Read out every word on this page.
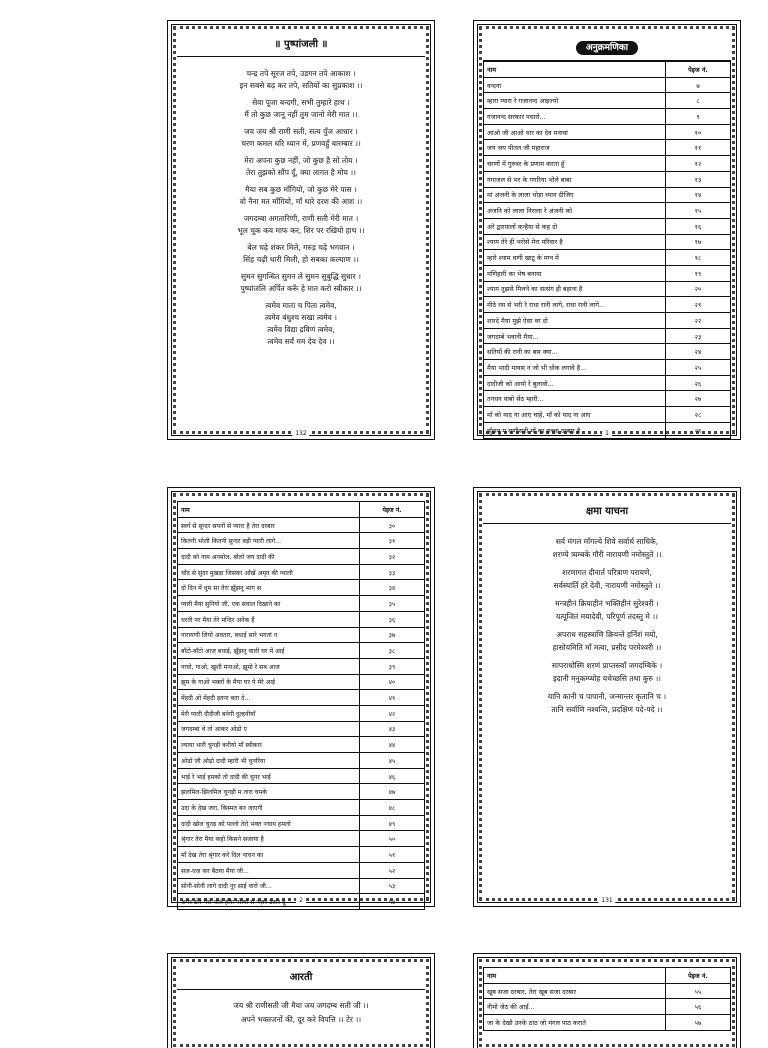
॥ पुष्पांजली ॥
चन्द्र तपे सूरज तपे, उडगन तपे आकाश ।
इन सबसे बढ़ कर तपे, सतियों का सुप्रकाश ।।
सेवा पूजा बन्दगी, सभी तुम्हारे हाथ ।
मैं तो कुछ जानू नहीं तुम जानो मेरी मात ।।
जय जय श्री राणी सती, सत्य पुँज आधार ।
चरण कमल धरि ध्यान में, प्रणवहुँ बारम्बार ।।
मेरा अपना कुछ नहीं, जो कुछ है सो तोय ।
तेरा तुझको सौंप दूँ, क्या लागत है मोय ।।
मैया सब कुछ माँगियो, जो कुछ मेरे पास ।
वो नैना मत माँगियो, माँ थारे दरश की आश ।।
जगदम्बा अगतारिणी, राणी सती मेरी मात ।
भूल चूक कव माफ कर, शिर पर रखियो हाथ ।।
बेल चढ़े शंकर मिले, गरुड़ चढ़े भगवान ।
सिंह चढ़ी थारी मिली, हो सबका कल्याण ।।
सुमन सुगन्धित सुमन ले सुमन सुबुद्धि सुधार ।
पुष्पांजलि अर्पित करूँ हे मात करो स्वीकार ।।
त्वमेव माता च पिता त्वमेव,
त्वमेव बंधुश्च सखा त्वमेव ।
त्वमेव विद्या द्रविणं त्वमेव,
त्वमेव सर्वं मम देव देव ।।
132
अनुक्रमणिका
नाम	पेइज नं.
वन्दना	७
म्हारा प्यारा रे गजानन्द आइज्यो	८
गजानन्द सरकार पधारो...	९
आओ जी आओ थार का देव मनावां	१०
जय जय पीतल जी महाराज	११
चरणों में गुरुवर के प्रणाम करता हूँ	१२
गंगाजल से भर के गगरिया भोले बाबा	१३
मां अंजनी के लाला थोड़ा ध्यान दीजिए	१४
अंजनि को लाला निराला रे अंजनी को	१५
अरे द्वारपालों कन्हैया से कह दो	१६
श्याम तेरे ही भरोसे मेरा परिवार है	१७
म्हारे श्याम धणी खाटू के मग्न में	१८
मणिहारी का भेष बनाया	१९
श्याम तुझसे मिलने का सत्संग ही बहाना है	२०
मीठे रस से भरी रे राधा रानी लागे, राधा रानी लागे...	२१
शारदे मैया मुझे ऐसा वर दो	२२
जगदम्बे भवानी मैया...	२३
सतियों की रानी का बस क्या...	२४
मैया भादी मावस न जो भी धोक लगावे है...	२५
दादीजी को आयो रे बुलावो...	२६
तनधन वाबो सेठ म्हारी...	२७
माँ को याद ना आए चाहे, माँ को याद ना आए	२८
झुँझनू म राणीसती माँ का सच्चा दरबार है	२९
1
नाम	पेइज नं.
स्वर्ग से सुन्दर सपनों से प्यारा है तेरा दरबार	३०
कितनी भोली कितनी सुन्दर बड़ी प्यारी लागे...	३१
दादी को नाम अनमोल, बोलो जय दादी की	३२
चाँद से सुंदर मुखड़ा जिसका आँखें अमृत की प्याली	३३
दो दिन में धुम सा तेरा झूँझनू भाग स	३४
प्यारी मैया सुनियो जी, एक सवाल दिखाने का	३५
धरती पर मैया तेरे मन्दिर अनेक हैं	३६
नारायणी लियो अवतार, बधाई सारे भगतां न	३७
बाँटो-बाँटो आज बधाई, झूँझनू वाली घर में आई	३८
नाचो, गाओ, खुशी मनाओ, झूमो रे सब आज	३९
झुम के गाओ भक्तों के मैया घर पे मेरे आई	४०
मेंहदी ओ मेंहदी इतना बता दे...	४१
मेरी प्यारी दीदीजी बनेगी दुल्हनीयाँ	४२
जगदम्बा थे तो आकर ओढो ए	४३
ल्याया थारी चुनड़ी करीयो माँ स्वीकार	४४
ओढो जी ओढो दादी म्हारी भी चुनरिया	४५
भाई रे भाई हमको तो दादी की चुनर भाई	४६
झलमिल-झिलमिल चुनड़ी म तारा चमके	४७
उदा के देख जरा, किस्मत बन जाएगी	४८
दादी खोल चुनड़ को पल्लो तेरो भक्त नचाय हमलो	४९
श्रृंगार तेरा मैया कहो किसने सजाया है	५०
माँ देख तेरा श्रृंगार करे दिल नाचन का	५१
सज-धज कर बैठया मैया जी...	५२
सोनी-सोनी लागे दादी नूर साई वारो जी...	५३
अगर ठोर मेरो थाले हीरा मोत्यां स नज़र उतार दूं	५४
2
क्षमा याचना
सर्व मंगल माँगल्ये शिवे सर्वार्थ साधिके,
शरण्ये त्र्यम्बके गौरी नारायणी नमोस्तुते ।।
शरणागत दीनार्त परित्राण परायणे,
सर्वस्यार्ति हरे देवी, नारायणी नमोस्तुते ।।
मन्त्रहीनं क्रियाहीनं भक्तिहीनं सुरेश्वरी ।
यत्पूजितं मयादेवी, परिपूर्ण तदस्तु मे ।।
अपराध सहस्त्राणि क्रियन्ते हर्निशं मयो,
हासोयमिति माँ मत्वा, प्रसीद परमेश्वरी ।।
सापराधोस्मि शरणं प्राप्तस्त्वाँ जगदम्बिके ।
इदानी मनुकम्प्योह यथेच्छसि तथा कुरु ।।
यानि कानी च पापानी, जन्मान्तर कृतानि च ।
तानि सर्वाणि नश्यन्ति, प्रदक्षिणं पदे-पदे ।।
131
आरती
जय श्री राणीसती जी मैया जय जगदम्ब सती जी ।।
अपने भक्तजनों की, दूर करे विपत्ति ।। टेर ।।
नाम	पेइज नं.
खूब सजा दरबार, तेरा खूब सजा दरबार	५५
नीमो जेठ की आई...	५६
जा के देखो उनके ठाठ जो मंगल पाठ कराते	५७
